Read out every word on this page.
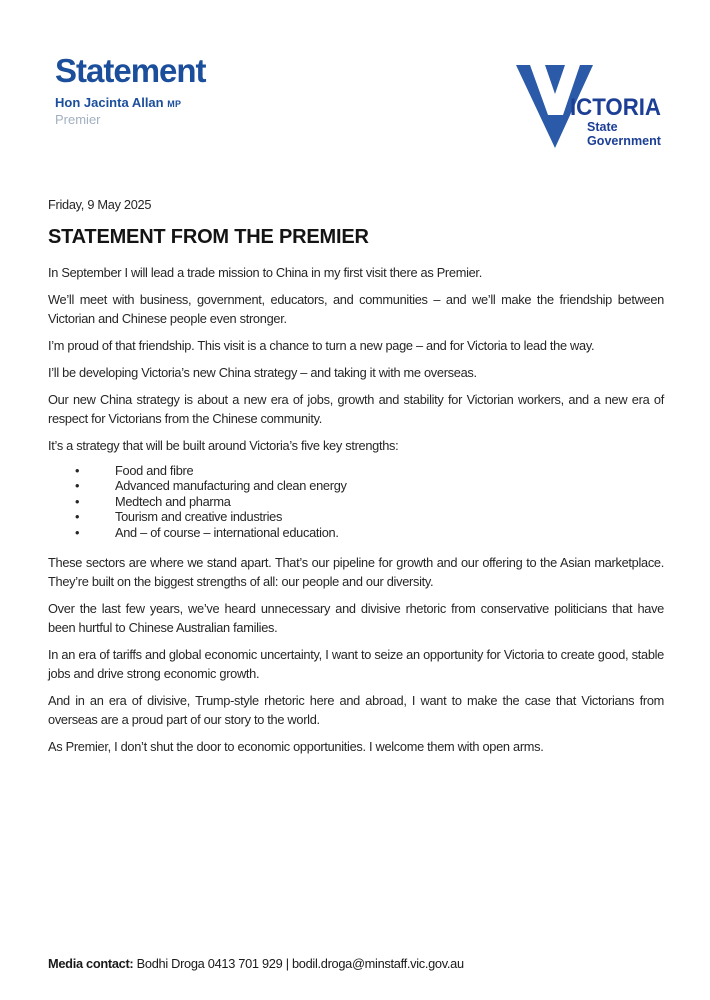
Statement
Hon Jacinta Allan MP
Premier	ICTORIA
State
Government

Friday, 9 May 2025

STATEMENT FROM THE PREMIER

In September I will lead a trade mission to China in my first visit there as Premier.

We’ll meet with business, government, educators, and communities – and we’ll make the friendship between Victorian and Chinese people even stronger.

I’m proud of that friendship. This visit is a chance to turn a new page – and for Victoria to lead the way.

I’ll be developing Victoria’s new China strategy – and taking it with me overseas.

Our new China strategy is about a new era of jobs, growth and stability for Victorian workers, and a new era of respect for Victorians from the Chinese community.

It’s a strategy that will be built around Victoria’s five key strengths:

• Food and fibre
• Advanced manufacturing and clean energy
• Medtech and pharma
• Tourism and creative industries
• And – of course – international education.

These sectors are where we stand apart. That’s our pipeline for growth and our offering to the Asian marketplace. They’re built on the biggest strengths of all: our people and our diversity.

Over the last few years, we’ve heard unnecessary and divisive rhetoric from conservative politicians that have been hurtful to Chinese Australian families.

In an era of tariffs and global economic uncertainty, I want to seize an opportunity for Victoria to create good, stable jobs and drive strong economic growth.

And in an era of divisive, Trump-style rhetoric here and abroad, I want to make the case that Victorians from overseas are a proud part of our story to the world.

As Premier, I don’t shut the door to economic opportunities. I welcome them with open arms.

Media contact: Bodhi Droga 0413 701 929 | bodil.droga@minstaff.vic.gov.au
